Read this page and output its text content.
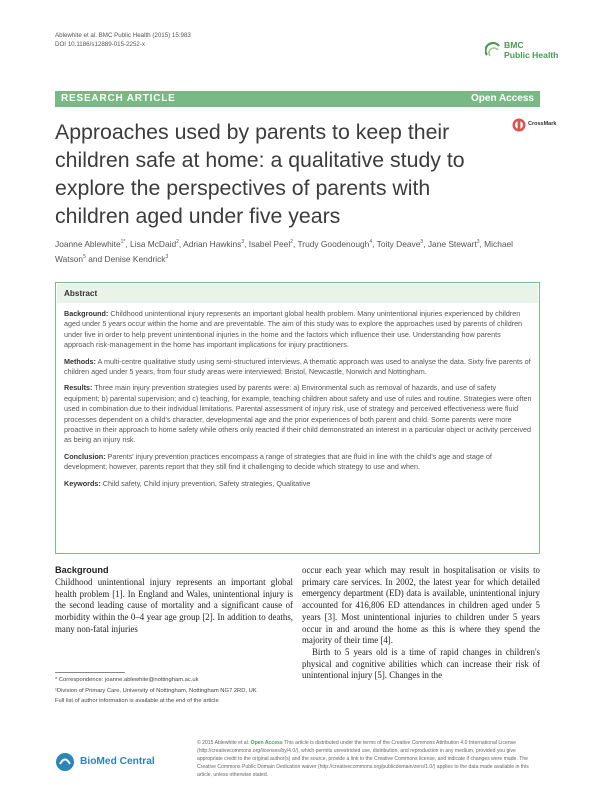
Ablewhite et al. BMC Public Health (2015) 15:983
DOI 10.1186/s12889-015-2252-x	BMC
Public Health
RESEARCH ARTICLE	Open Access
Approaches used by parents to keep their children safe at home: a qualitative study to explore the perspectives of parents with children aged under five years
CrossMark
Joanne Ablewhite$^{1*}$, Lisa McDaid$^2$, Adrian Hawkins$^3$, Isabel Peel$^2$, Trudy Goodenough$^4$, Toity Deave$^3$, Jane Stewart$^3$, Michael Watson$^5$ and Denise Kendrick$^3$
Abstract

Background: Childhood unintentional injury represents an important global health problem. Many unintentional injuries experienced by children aged under 5 years occur within the home and are preventable. The aim of this study was to explore the approaches used by parents of children under five in order to help prevent unintentional injuries in the home and the factors which influence their use. Understanding how parents approach risk-management in the home has important implications for injury practitioners.

Methods: A multi-centre qualitative study using semi-structured interviews. A thematic approach was used to analyse the data. Sixty five parents of children aged under 5 years, from four study areas were interviewed: Bristol, Newcastle, Norwich and Nottingham.

Results: Three main injury prevention strategies used by parents were: a) Environmental such as removal of hazards, and use of safety equipment; b) parental supervision; and c) teaching, for example, teaching children about safety and use of rules and routine. Strategies were often used in combination due to their individual limitations. Parental assessment of injury risk, use of strategy and perceived effectiveness were fluid processes dependent on a child's character, developmental age and the prior experiences of both parent and child. Some parents were more proactive in their approach to home safety while others only reacted if their child demonstrated an interest in a particular object or activity perceived as being an injury risk.

Conclusion: Parents' injury prevention practices encompass a range of strategies that are fluid in line with the child's age and stage of development; however, parents report that they still find it challenging to decide which strategy to use and when.

Keywords: Child safety, Child injury prevention, Safety strategies, Qualitative

Background
Childhood unintentional injury represents an important global health problem [1]. In England and Wales, unintentional injury is the second leading cause of mortality and a significant cause of morbidity within the 0–4 year age group [2]. In addition to deaths, many non-fatal injuries

occur each year which may result in hospitalisation or visits to primary care services. In 2002, the latest year for which detailed emergency department (ED) data is available, unintentional injury accounted for 416,806 ED attendances in children aged under 5 years [3]. Most unintentional injuries to children under 5 years occur in and around the home as this is where they spend the majority of their time [4].

Birth to 5 years old is a time of rapid changes in children's physical and cognitive abilities which can increase their risk of unintentional injury [5]. Changes in the

* Correspondence: joanne.ablewhite@nottingham.ac.uk
¹Division of Primary Care, University of Nottingham, Nottingham NG7 2RD, UK
Full list of author information is available at the end of the article
BioMed Central
© 2015 Ablewhite et al. Open Access This article is distributed under the terms of the Creative Commons Attribution 4.0 International License (http://creativecommons.org/licenses/by/4.0/), which permits unrestricted use, distribution, and reproduction in any medium, provided you give appropriate credit to the original author(s) and the source, provide a link to the Creative Commons license, and indicate if changes were made. The Creative Commons Public Domain Dedication waiver (http://creativecommons.org/publicdomain/zero/1.0/) applies to the data made available in this article, unless otherwise stated.
